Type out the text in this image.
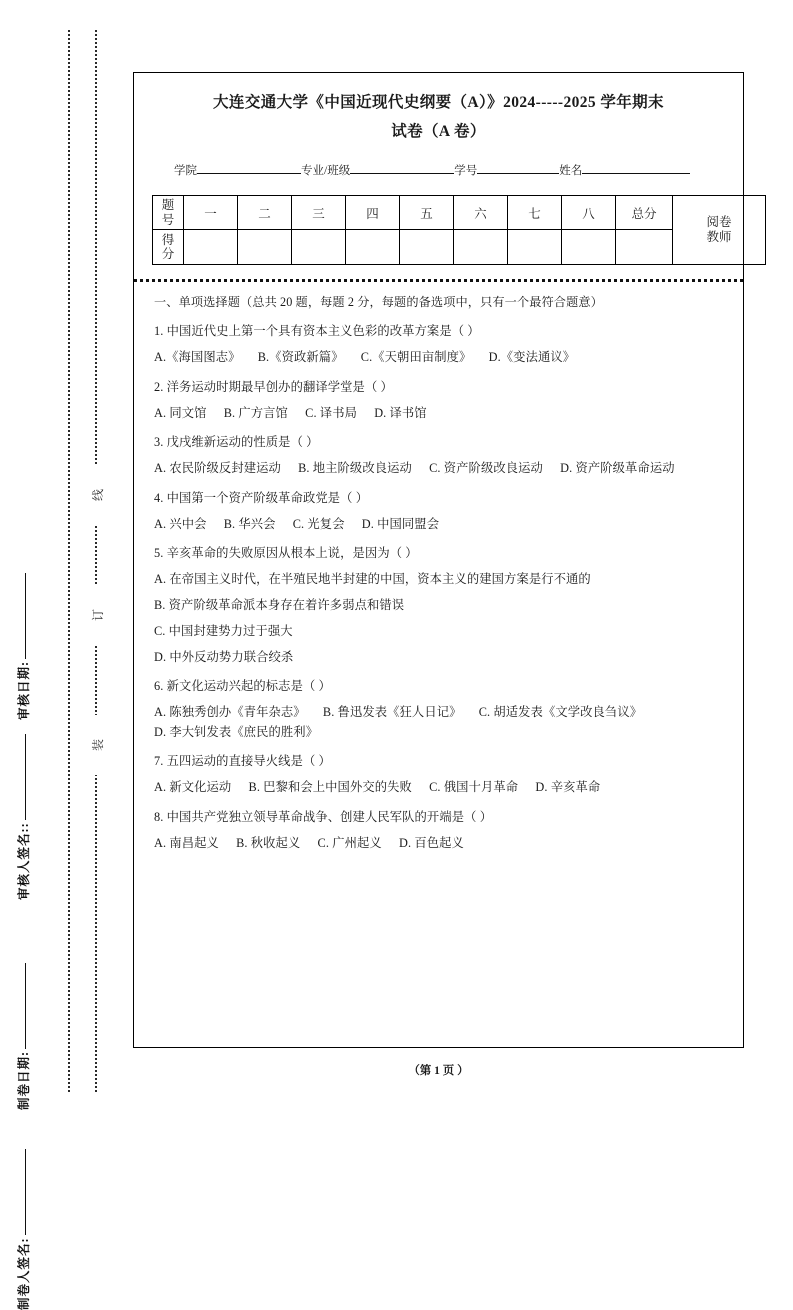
审核日期:
审核人签名::
制卷日期:
制卷人签名:
大连交通大学《中国近现代史纲要（A）》2024-----2025 学年期末
试卷（A 卷）
学院	专业/班级	学号	姓名
题
号	一	二	三	四	五	六	七	八	总分	阅卷
教师

得
分										

一、单项选择题（总共 20 题，每题 2 分，每题的备选项中，只有一个最符合题意）
1. 中国近代史上第一个具有资本主义色彩的改革方案是（ ）
A.《海国图志》 B.《资政新篇》 C.《天朝田亩制度》 D.《变法通议》
2. 洋务运动时期最早创办的翻译学堂是（ ）
A. 同文馆 B. 广方言馆 C. 译书局 D. 译书馆
3. 戊戌维新运动的性质是（ ）
A. 农民阶级反封建运动 B. 地主阶级改良运动 C. 资产阶级改良运动 D. 资产阶级革命运动
4. 中国第一个资产阶级革命政党是（ ）
A. 兴中会 B. 华兴会 C. 光复会 D. 中国同盟会
5. 辛亥革命的失败原因从根本上说，是因为（ ）
A. 在帝国主义时代，在半殖民地半封建的中国，资本主义的建国方案是行不通的
B. 资产阶级革命派本身存在着许多弱点和错误
C. 中国封建势力过于强大
D. 中外反动势力联合绞杀
6. 新文化运动兴起的标志是（ ）
A. 陈独秀创办《青年杂志》 B. 鲁迅发表《狂人日记》 C. 胡适发表《文学改良刍议》 D. 李大钊发表《庶民的胜利》
7. 五四运动的直接导火线是（ ）
A. 新文化运动 B. 巴黎和会上中国外交的失败 C. 俄国十月革命 D. 辛亥革命
8. 中国共产党独立领导革命战争、创建人民军队的开端是（ ）
A. 南昌起义 B. 秋收起义 C. 广州起义 D. 百色起义
（第 1 页 ）
线
订
装
